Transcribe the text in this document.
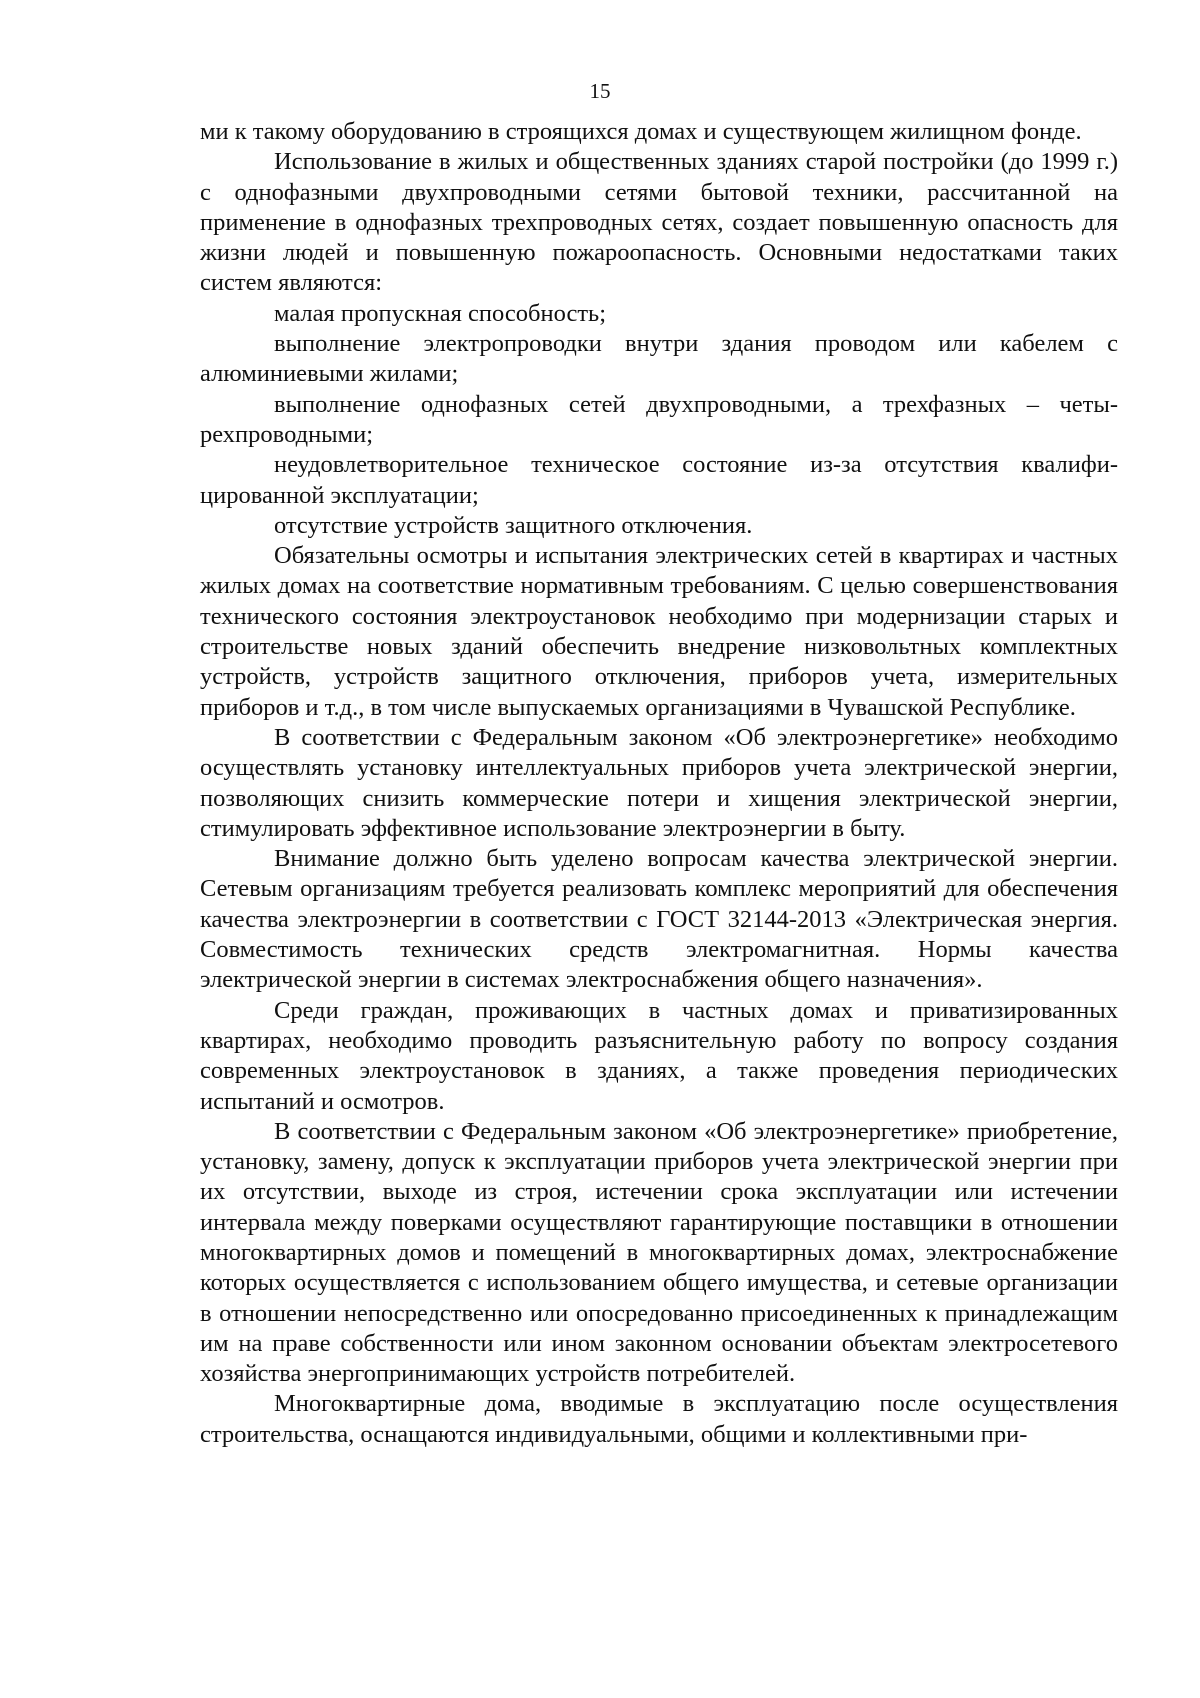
15

ми к такому оборудованию в строящихся домах и существующем жилищном фонде.

Использование в жилых и общественных зданиях старой постройки (до 1999 г.) с однофазными двухпроводными сетями бытовой техники, рассчитанной на применение в однофазных трехпроводных сетях, создает повышенную опасность для жизни людей и повышенную пожароопасность. Основными недостатками таких систем являются:

малая пропускная способность;

выполнение электропроводки внутри здания проводом или кабелем с алюминиевыми жилами;

выполнение однофазных сетей двухпроводными, а трехфазных – четырехпроводными;

неудовлетворительное техническое состояние из-за отсутствия квалифицированной эксплуатации;

отсутствие устройств защитного отключения.

Обязательны осмотры и испытания электрических сетей в квартирах и частных жилых домах на соответствие нормативным требованиям. С целью совершенствования технического состояния электроустановок необходимо при модернизации старых и строительстве новых зданий обеспечить внедрение низковольтных комплектных устройств, устройств защитного отключения, приборов учета, измерительных приборов и т.д., в том числе выпускаемых организациями в Чувашской Республике.

В соответствии с Федеральным законом «Об электроэнергетике» необходимо осуществлять установку интеллектуальных приборов учета электрической энергии, позволяющих снизить коммерческие потери и хищения электрической энергии, стимулировать эффективное использование электроэнергии в быту.

Внимание должно быть уделено вопросам качества электрической энергии. Сетевым организациям требуется реализовать комплекс мероприятий для обеспечения качества электроэнергии в соответствии с ГОСТ 32144-2013 «Электрическая энергия. Совместимость технических средств электромагнитная. Нормы качества электрической энергии в системах электроснабжения общего назначения».

Среди граждан, проживающих в частных домах и приватизированных квартирах, необходимо проводить разъяснительную работу по вопросу создания современных электроустановок в зданиях, а также проведения периодических испытаний и осмотров.

В соответствии с Федеральным законом «Об электроэнергетике» приобретение, установку, замену, допуск к эксплуатации приборов учета электрической энергии при их отсутствии, выходе из строя, истечении срока эксплуатации или истечении интервала между поверками осуществляют гарантирующие поставщики в отношении многоквартирных домов и помещений в многоквартирных домах, электроснабжение которых осуществляется с использованием общего имущества, и сетевые организации в отношении непосредственно или опосредованно присоединенных к принадлежащим им на праве собственности или ином законном основании объектам электросетевого хозяйства энергопринимающих устройств потребителей.

Многоквартирные дома, вводимые в эксплуатацию после осуществления строительства, оснащаются индивидуальными, общими и коллективными при-
